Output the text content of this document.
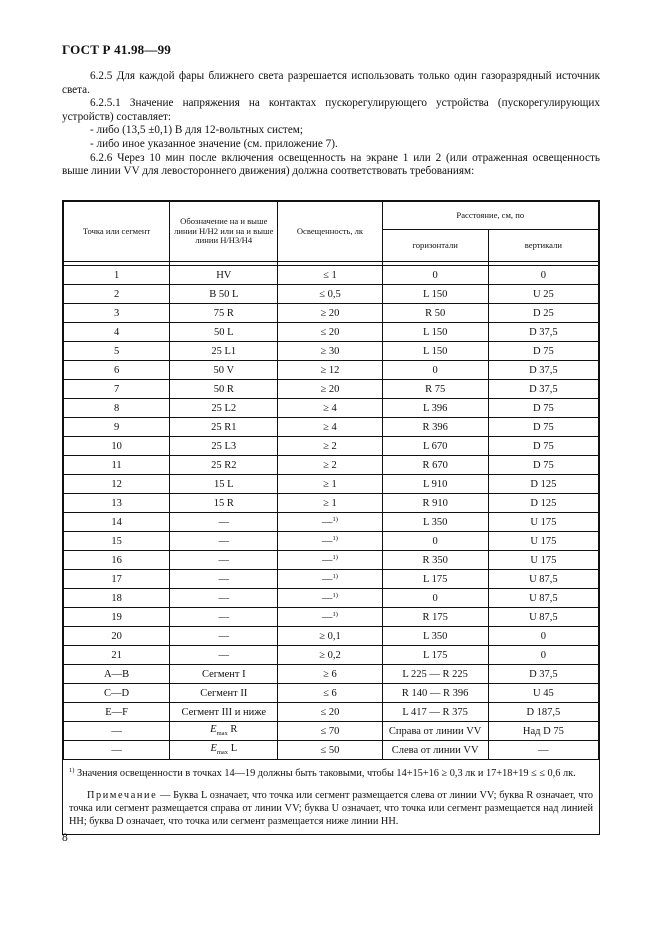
ГОСТ Р 41.98—99

6.2.5 Для каждой фары ближнего света разрешается использовать только один газоразрядный источник света.

6.2.5.1 Значение напряжения на контактах пускорегулирующего устройства (пускорегулирующих устройств) составляет:

- либо (13,5 ±0,1) В для 12-вольтных систем;

- либо иное указанное значение (см. приложение 7).

6.2.6 Через 10 мин после включения освещенность на экране 1 или 2 (или отраженная освещенность выше линии VV для левостороннего движения) должна соответствовать требованиям:

Точка или сегмент	Обозначение на и выше линии H/H2 или на и выше линии H/H3/H4	Освещенность, лк	Расстояние, см, по	
			горизонтали	вертикали

1	HV	≤ 1	0	0
2	B 50 L	≤ 0,5	L 150	U 25
3	75 R	≥ 20	R 50	D 25
4	50 L	≤ 20	L 150	D 37,5
5	25 L1	≥ 30	L 150	D 75
6	50 V	≥ 12	0	D 37,5
7	50 R	≥ 20	R 75	D 37,5
8	25 L2	≥ 4	L 396	D 75
9	25 R1	≥ 4	R 396	D 75
10	25 L3	≥ 2	L 670	D 75
11	25 R2	≥ 2	R 670	D 75
12	15 L	≥ 1	L 910	D 125
13	15 R	≥ 1	R 910	D 125
14	—	—$^{1)}$	L 350	U 175
15	—	—$^{1)}$	0	U 175
16	—	—$^{1)}$	R 350	U 175
17	—	—$^{1)}$	L 175	U 87,5
18	—	—$^{1)}$	0	U 87,5
19	—	—$^{1)}$	R 175	U 87,5
20	—	≥ 0,1	L 350	0
21	—	≥ 0,2	L 175	0
A—B	Сегмент I	≥ 6	L 225 — R 225	D 37,5
C—D	Сегмент II	≤ 6	R 140 — R 396	U 45
E—F	Сегмент III и ниже	≤ 20	L 417 — R 375	D 187,5
—	$E_{max}$ R	≤ 70	Справа от линии VV	Над D 75
—	$E_{max}$ L	≤ 50	Слева от линии VV	—

$^{1)}$ Значения освещенности в точках 14—19 должны быть таковыми, чтобы 14+15+16 ≥ 0,3 лк и 17+18+19 ≤ ≤ 0,6 лк.

Примечание — Буква L означает, что точка или сегмент размещается слева от линии VV; буква R означает, что точка или сегмент размещается справа от линии VV; буква U означает, что точка или сегмент размещается над линией HH; буква D означает, что точка или сегмент размещается ниже линии HH.

8
